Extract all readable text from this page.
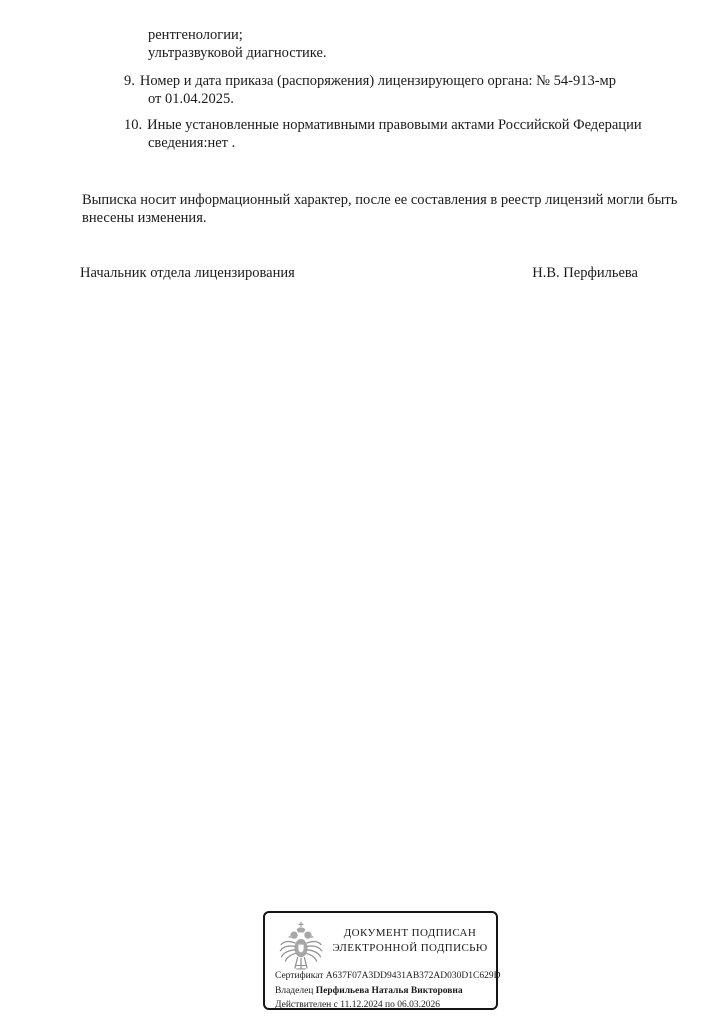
рентгенологии;
ультразвуковой диагностике.
9. Номер и дата приказа (распоряжения) лицензирующего органа: № 54-913-мр
от 01.04.2025.
10. Иные установленные нормативными правовыми актами Российской Федерации
сведения:нет .
Выписка носит информационный характер, после ее составления в реестр лицензий могли быть
внесены изменения.
Начальник отдела лицензирования	Н.В. Перфильева
ДОКУМЕНТ ПОДПИСАН
ЭЛЕКТРОННОЙ ПОДПИСЬЮ
Сертификат A637F07A3DD9431AB372AD030D1C629D
Владелец Перфильева Наталья Викторовна
Действителен с 11.12.2024 по 06.03.2026
